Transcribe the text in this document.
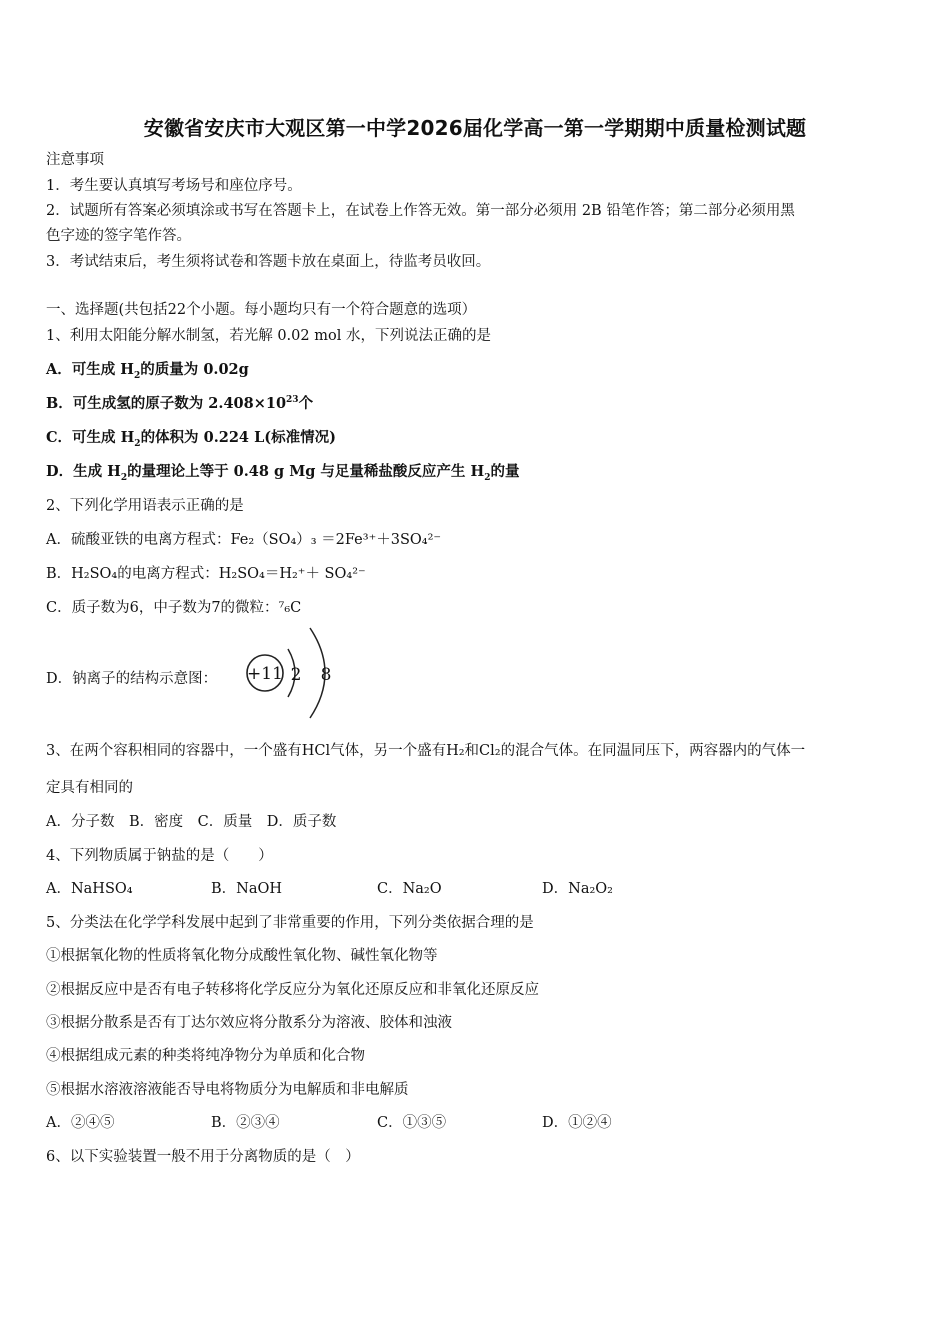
安徽省安庆市大观区第一中学2026届化学高一第一学期期中质量检测试题
注意事项
1．考生要认真填写考场号和座位序号。
2．试题所有答案必须填涂或书写在答题卡上，在试卷上作答无效。第一部分必须用 2B 铅笔作答；第二部分必须用黑
色字迹的签字笔作答。
3．考试结束后，考生须将试卷和答题卡放在桌面上，待监考员收回。
一、选择题(共包括22个小题。每小题均只有一个符合题意的选项）
1、利用太阳能分解水制氢，若光解 0.02 mol 水，下列说法正确的是
A．可生成 $H_2$的质量为 0.02g
B．可生成氢的原子数为 $2.408\times 10^{23}$个
C．可生成 $H_2$的体积为 0.224 L(标准情况)
D．生成 $H_2$的量理论上等于 0.48 g Mg 与足量稀盐酸反应产生 $H_2$的量
2、下列化学用语表示正确的是
A．硫酸亚铁的电离方程式：Fe₂（SO₄）₃ ＝2Fe³⁺＋3SO₄²⁻
B．H₂SO₄的电离方程式：H₂SO₄＝H₂⁺＋ SO₄²⁻
C．质子数为6，中子数为7的微粒：⁷₆C
D．钠离子的结构示意图： +11 2 8
3、在两个容积相同的容器中，一个盛有HCl气体，另一个盛有H₂和Cl₂的混合气体。在同温同压下，两容器内的气体一
定具有相同的
A．分子数　B．密度　C．质量　D．质子数
4、下列物质属于钠盐的是（　　）
A．NaHSO₄	B．NaOH	C．Na₂O	D．Na₂O₂
5、分类法在化学学科发展中起到了非常重要的作用，下列分类依据合理的是
①根据氧化物的性质将氧化物分成酸性氧化物、碱性氧化物等
②根据反应中是否有电子转移将化学反应分为氧化还原反应和非氧化还原反应
③根据分散系是否有丁达尔效应将分散系分为溶液、胶体和浊液
④根据组成元素的种类将纯净物分为单质和化合物
⑤根据水溶液溶液能否导电将物质分为电解质和非电解质
A．②④⑤	B．②③④	C．①③⑤	D．①②④
6、以下实验装置一般不用于分离物质的是（　）
